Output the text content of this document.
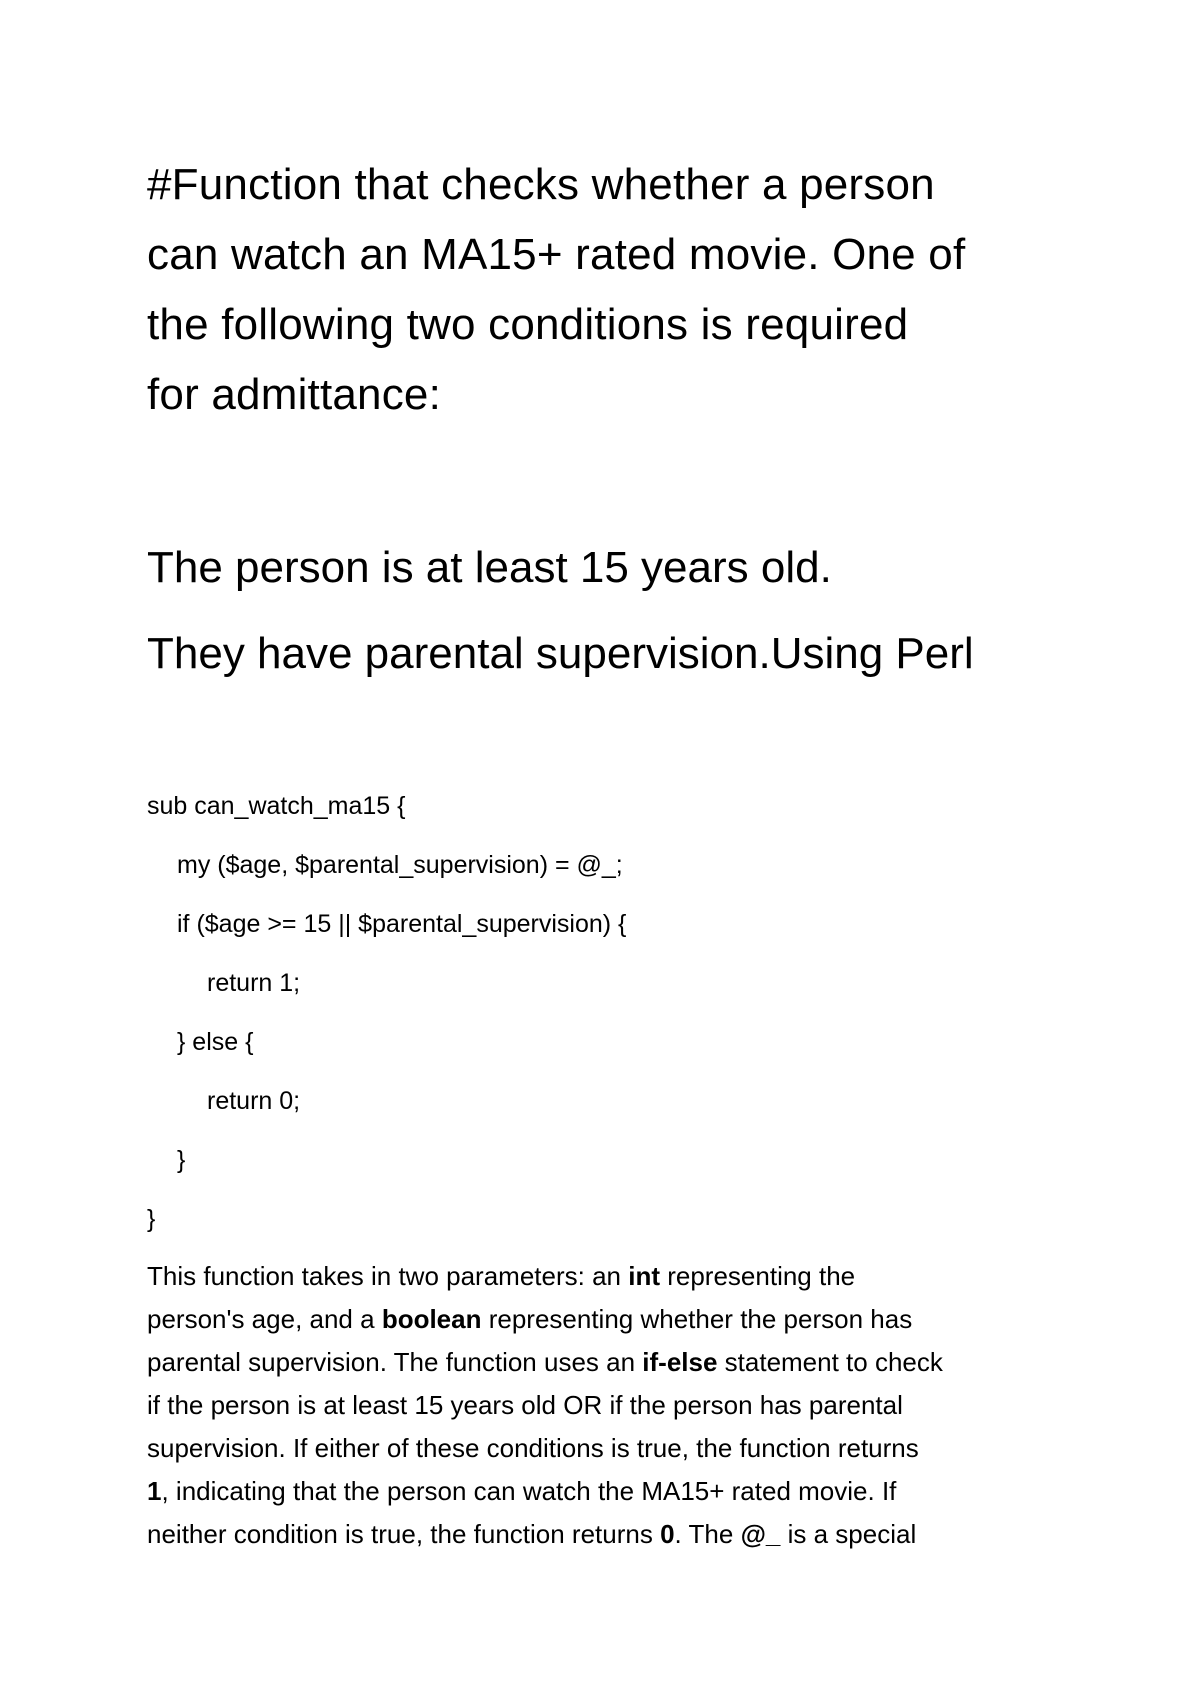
#Function that checks whether a person
can watch an MA15+ rated movie. One of
the following two conditions is required
for admittance:
The person is at least 15 years old.
They have parental supervision.Using Perl
sub can_watch_ma15 {
my ($age, $parental_supervision) = @_;
if ($age >= 15 || $parental_supervision) {
return 1;
} else {
return 0;
}
}
This function takes in two parameters: an int representing the
person's age, and a boolean representing whether the person has
parental supervision. The function uses an if-else statement to check
if the person is at least 15 years old OR if the person has parental
supervision. If either of these conditions is true, the function returns
1, indicating that the person can watch the MA15+ rated movie. If
neither condition is true, the function returns 0. The @_ is a special
